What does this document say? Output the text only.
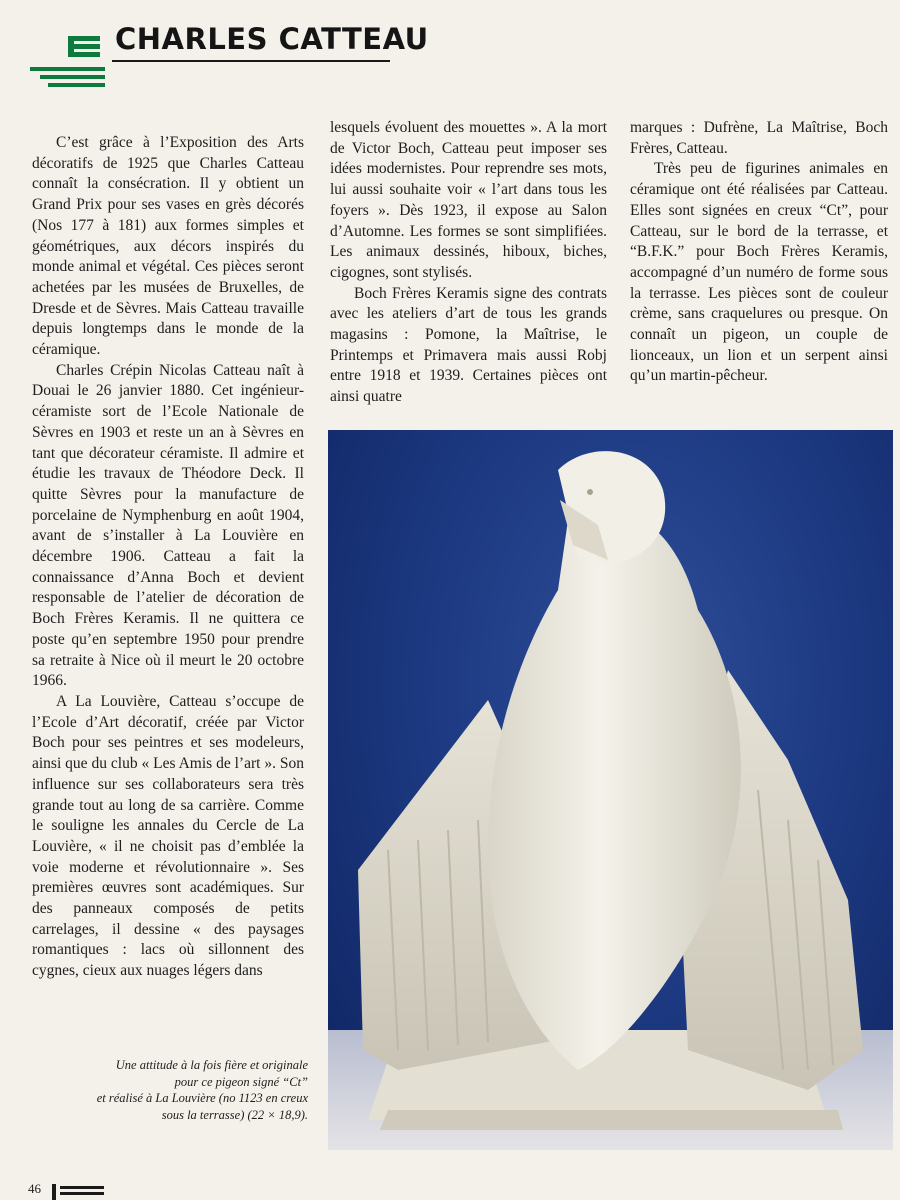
CHARLES CATTEAU

C’est grâce à l’Exposition des Arts décoratifs de 1925 que Charles Catteau connaît la consécration. Il y obtient un Grand Prix pour ses vases en grès décorés (Nos 177 à 181) aux formes simples et géométriques, aux décors inspirés du monde animal et végétal. Ces pièces seront achetées par les musées de Bruxelles, de Dresde et de Sèvres. Mais Catteau travaille depuis longtemps dans le monde de la céramique.

Charles Crépin Nicolas Catteau naît à Douai le 26 janvier 1880. Cet ingénieur-céramiste sort de l’Ecole Nationale de Sèvres en 1903 et reste un an à Sèvres en tant que décorateur céramiste. Il admire et étudie les travaux de Théodore Deck. Il quitte Sèvres pour la manufacture de porcelaine de Nymphenburg en août 1904, avant de s’installer à La Louvière en décembre 1906. Catteau a fait la connaissance d’Anna Boch et devient responsable de l’atelier de décoration de Boch Frères Keramis. Il ne quittera ce poste qu’en septembre 1950 pour prendre sa retraite à Nice où il meurt le 20 octobre 1966.

A La Louvière, Catteau s’occupe de l’Ecole d’Art décoratif, créée par Victor Boch pour ses peintres et ses modeleurs, ainsi que du club « Les Amis de l’art ». Son influence sur ses collaborateurs sera très grande tout au long de sa carrière. Comme le souligne les annales du Cercle de La Louvière, « il ne choisit pas d’emblée la voie moderne et révolutionnaire ». Ses premières œuvres sont académiques. Sur des panneaux composés de petits carrelages, il dessine « des paysages romantiques : lacs où sillonnent des cygnes, cieux aux nuages légers dans

lesquels évoluent des mouettes ». A la mort de Victor Boch, Catteau peut imposer ses idées modernistes. Pour reprendre ses mots, lui aussi souhaite voir « l’art dans tous les foyers ». Dès 1923, il expose au Salon d’Automne. Les formes se sont simplifiées. Les animaux dessinés, hiboux, biches, cigognes, sont stylisés.

Boch Frères Keramis signe des contrats avec les ateliers d’art de tous les grands magasins : Pomone, la Maîtrise, le Printemps et Primavera mais aussi Robj entre 1918 et 1939. Certaines pièces ont ainsi quatre

marques : Dufrène, La Maîtrise, Boch Frères, Catteau.

Très peu de figurines animales en céramique ont été réalisées par Catteau. Elles sont signées en creux “Ct”, pour Catteau, sur le bord de la terrasse, et “B.F.K.” pour Boch Frères Keramis, accompagné d’un numéro de forme sous la terrasse. Les pièces sont de couleur crème, sans craquelures ou presque. On connaît un pigeon, un couple de lionceaux, un lion et un serpent ainsi qu’un martin-pêcheur.

Une attitude à la fois fière et originale

pour ce pigeon signé “Ct”

et réalisé à La Louvière (no 1123 en creux

sous la terrasse) (22 × 18,9).

46
